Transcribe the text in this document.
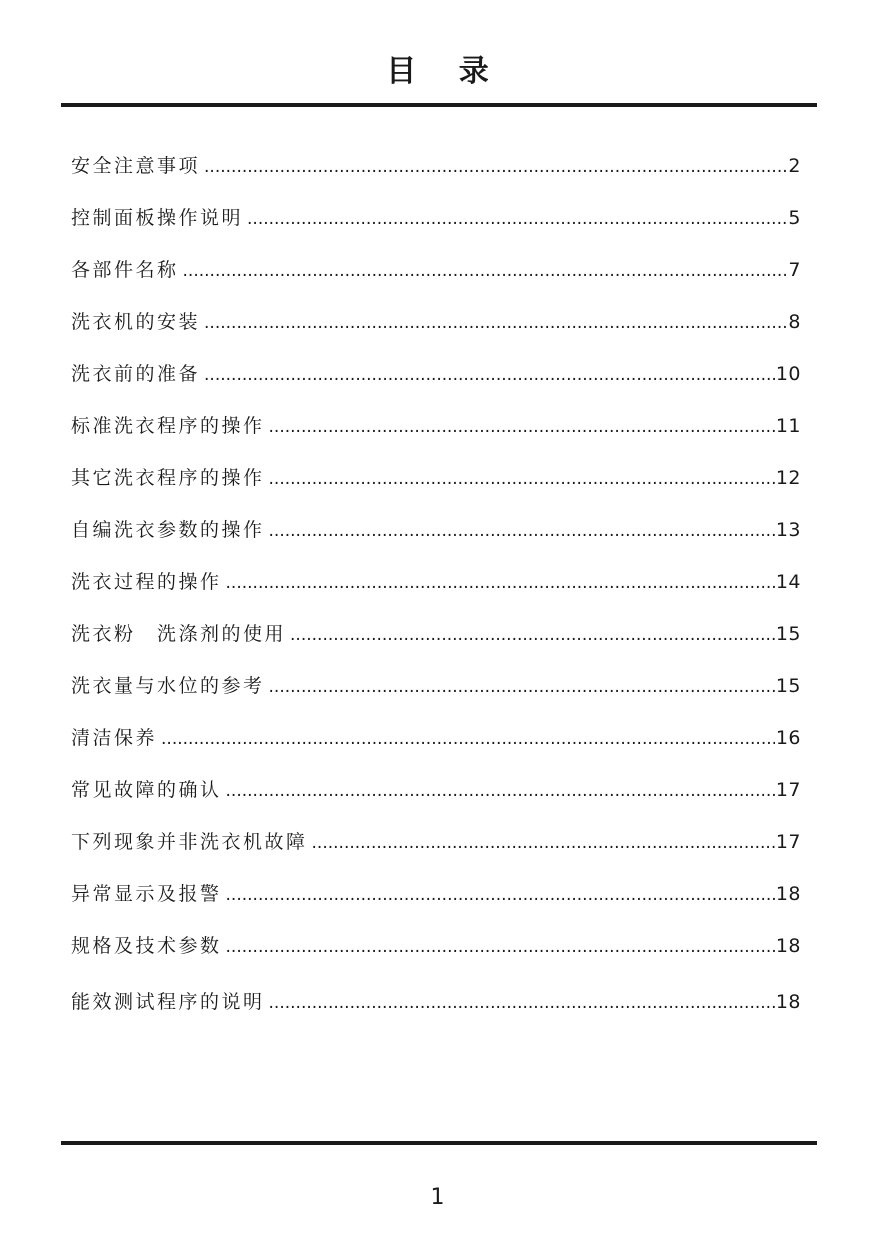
目 录
安全注意事项 .....	2
控制面板操作说明 .....	5
各部件名称 .....	7
洗衣机的安装 .....	8
洗衣前的准备 .....	10
标准洗衣程序的操作 .....	11
其它洗衣程序的操作 .....	12
自编洗衣参数的操作 .....	13
洗衣过程的操作 .....	14
洗衣粉　洗涤剂的使用 .....	15
洗衣量与水位的参考 .....	15
清洁保养 .....	16
常见故障的确认 .....	17
下列现象并非洗衣机故障 .....	17
异常显示及报警 .....	18
规格及技术参数 .....	18
能效测试程序的说明 .....	18
1
